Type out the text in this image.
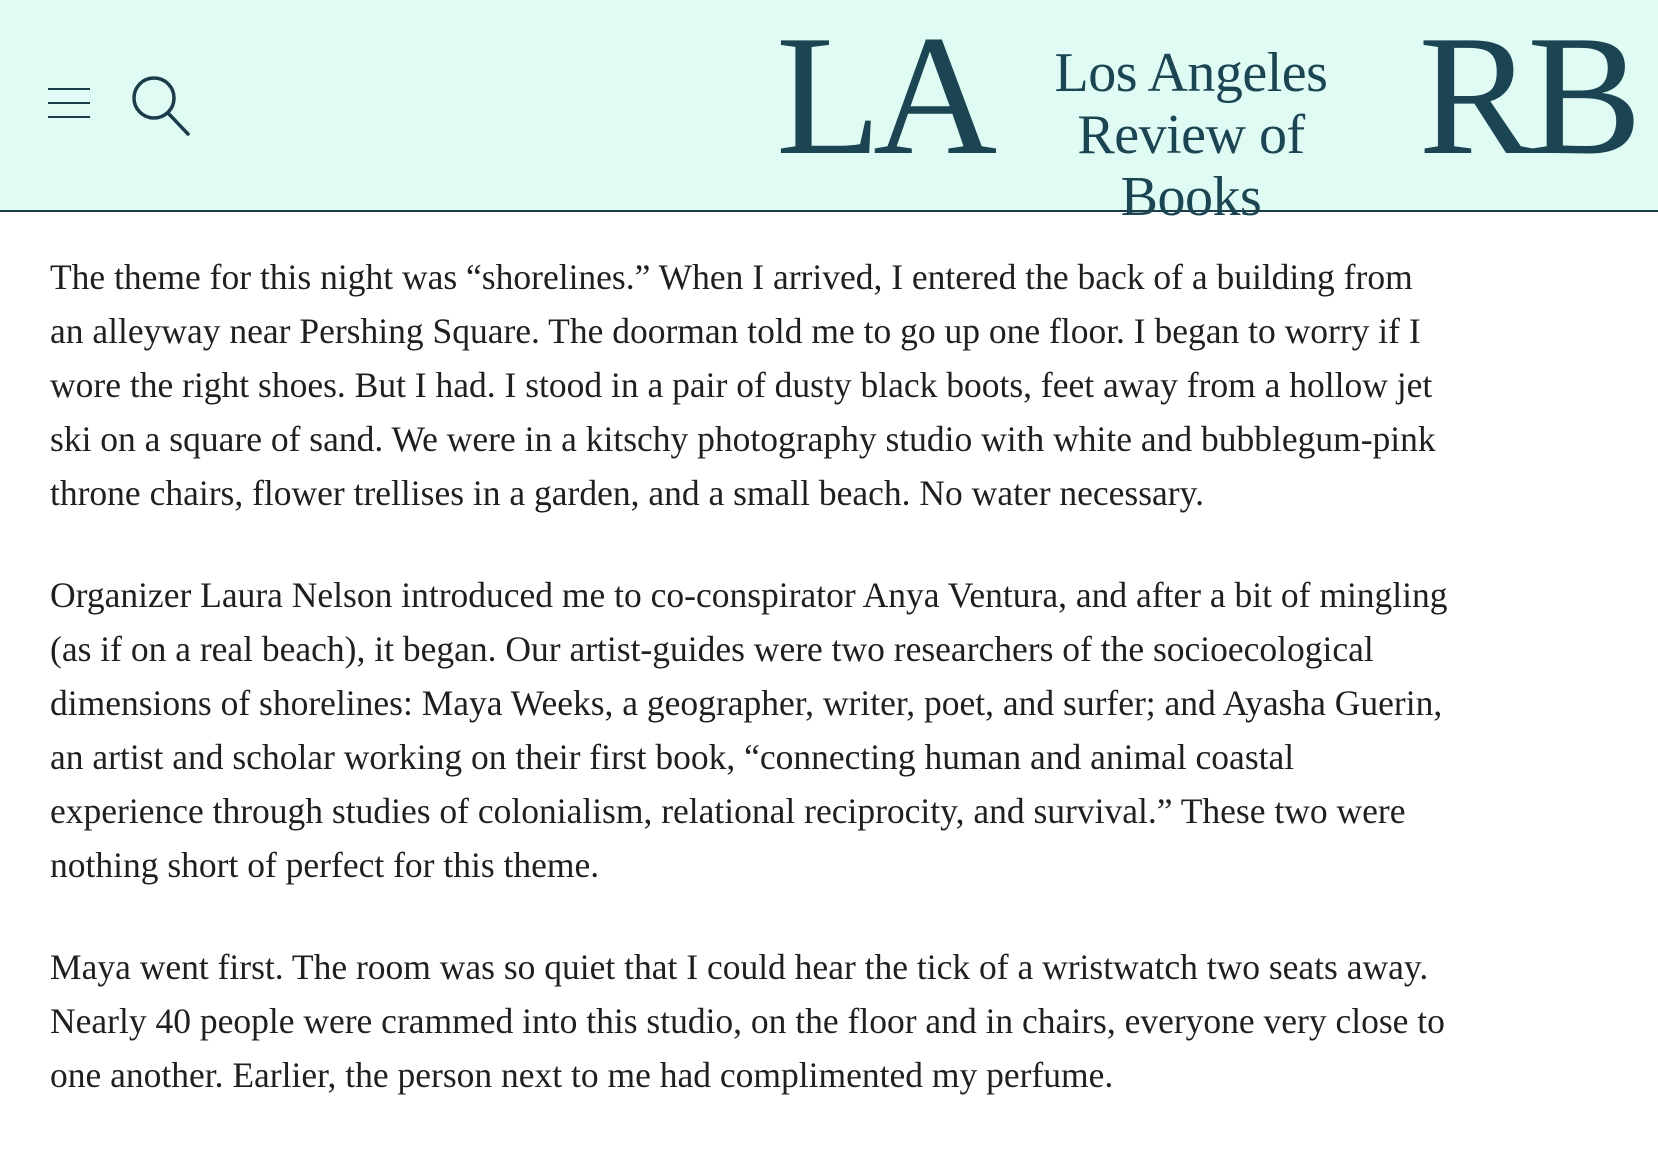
LA	Los Angeles
Review of Books
RB

The theme for this night was “shorelines.” When I arrived, I entered the back of a building from an alleyway near Pershing Square. The doorman told me to go up one floor. I began to worry if I wore the right shoes. But I had. I stood in a pair of dusty black boots, feet away from a hollow jet ski on a square of sand. We were in a kitschy photography studio with white and bubblegum-pink throne chairs, flower trellises in a garden, and a small beach. No water necessary.

Organizer Laura Nelson introduced me to co-conspirator Anya Ventura, and after a bit of mingling (as if on a real beach), it began. Our artist-guides were two researchers of the socioecological dimensions of shorelines: Maya Weeks, a geographer, writer, poet, and surfer; and Ayasha Guerin, an artist and scholar working on their first book, “connecting human and animal coastal experience through studies of colonialism, relational reciprocity, and survival.” These two were nothing short of perfect for this theme.

Maya went first. The room was so quiet that I could hear the tick of a wristwatch two seats away. Nearly 40 people were crammed into this studio, on the floor and in chairs, everyone very close to one another. Earlier, the person next to me had complimented my perfume.
